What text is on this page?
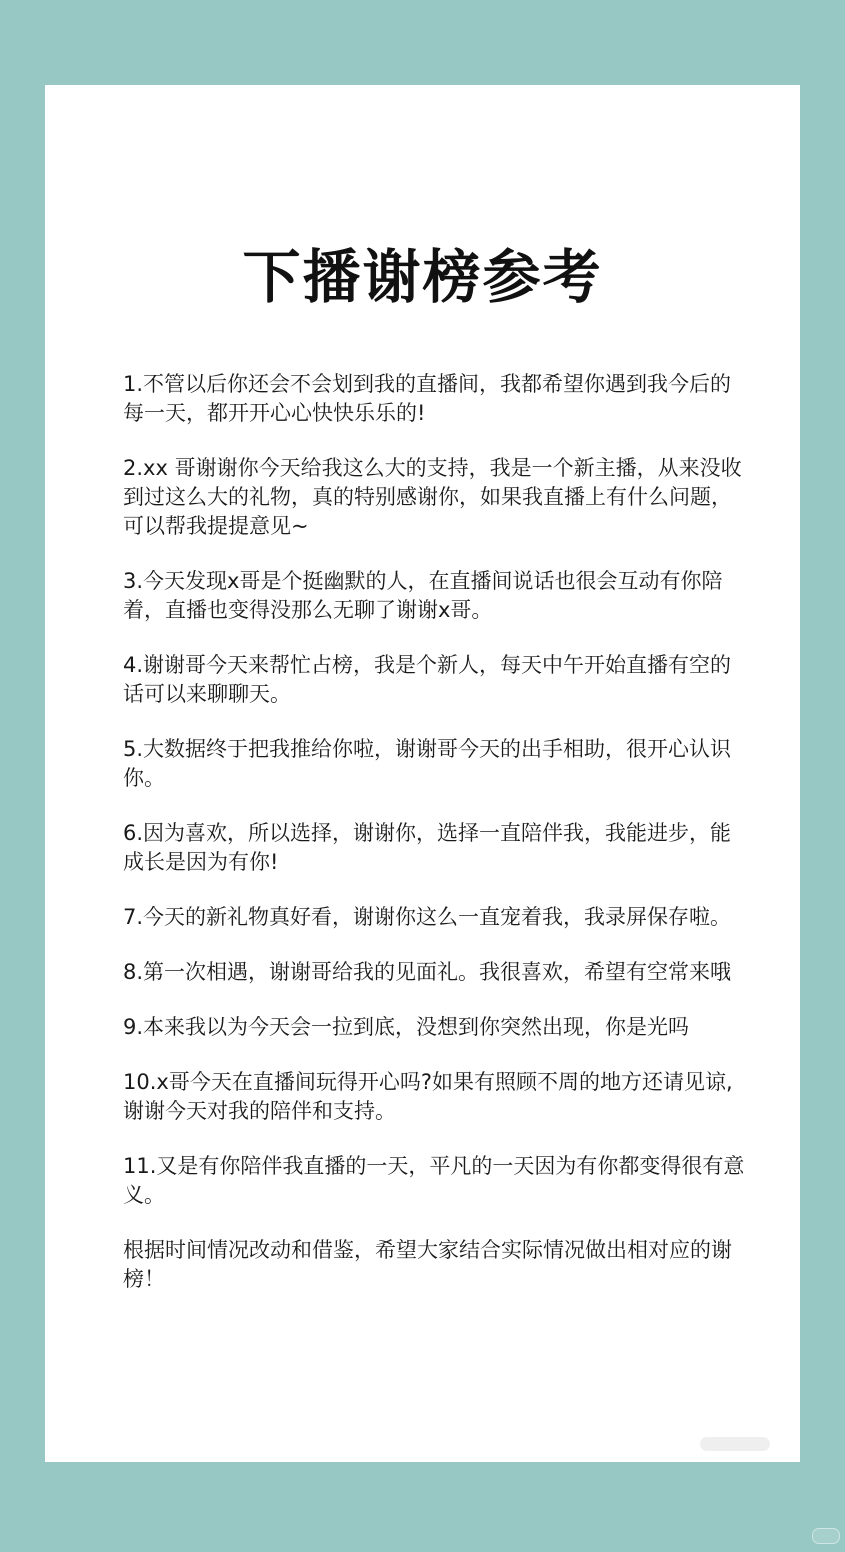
下播谢榜参考

1.不管以后你还会不会划到我的直播间，我都希望你遇到我今后的每一天，都开开心心快快乐乐的!

2.xx 哥谢谢你今天给我这么大的支持，我是一个新主播，从来没收到过这么大的礼物，真的特别感谢你，如果我直播上有什么问题，可以帮我提提意见~

3.今天发现x哥是个挺幽默的人，在直播间说话也很会互动有你陪着，直播也变得没那么无聊了谢谢x哥。

4.谢谢哥今天来帮忙占榜，我是个新人，每天中午开始直播有空的话可以来聊聊天。

5.大数据终于把我推给你啦，谢谢哥今天的出手相助，很开心认识你。

6.因为喜欢，所以选择，谢谢你，选择一直陪伴我，我能进步，能成长是因为有你!

7.今天的新礼物真好看，谢谢你这么一直宠着我，我录屏保存啦。

8.第一次相遇，谢谢哥给我的见面礼。我很喜欢，希望有空常来哦

9.本来我以为今天会一拉到底，没想到你突然出现，你是光吗

10.x哥今天在直播间玩得开心吗?如果有照顾不周的地方还请见谅,谢谢今天对我的陪伴和支持。

11.又是有你陪伴我直播的一天，平凡的一天因为有你都变得很有意义。

根据时间情况改动和借鉴，希望大家结合实际情况做出相对应的谢榜！
